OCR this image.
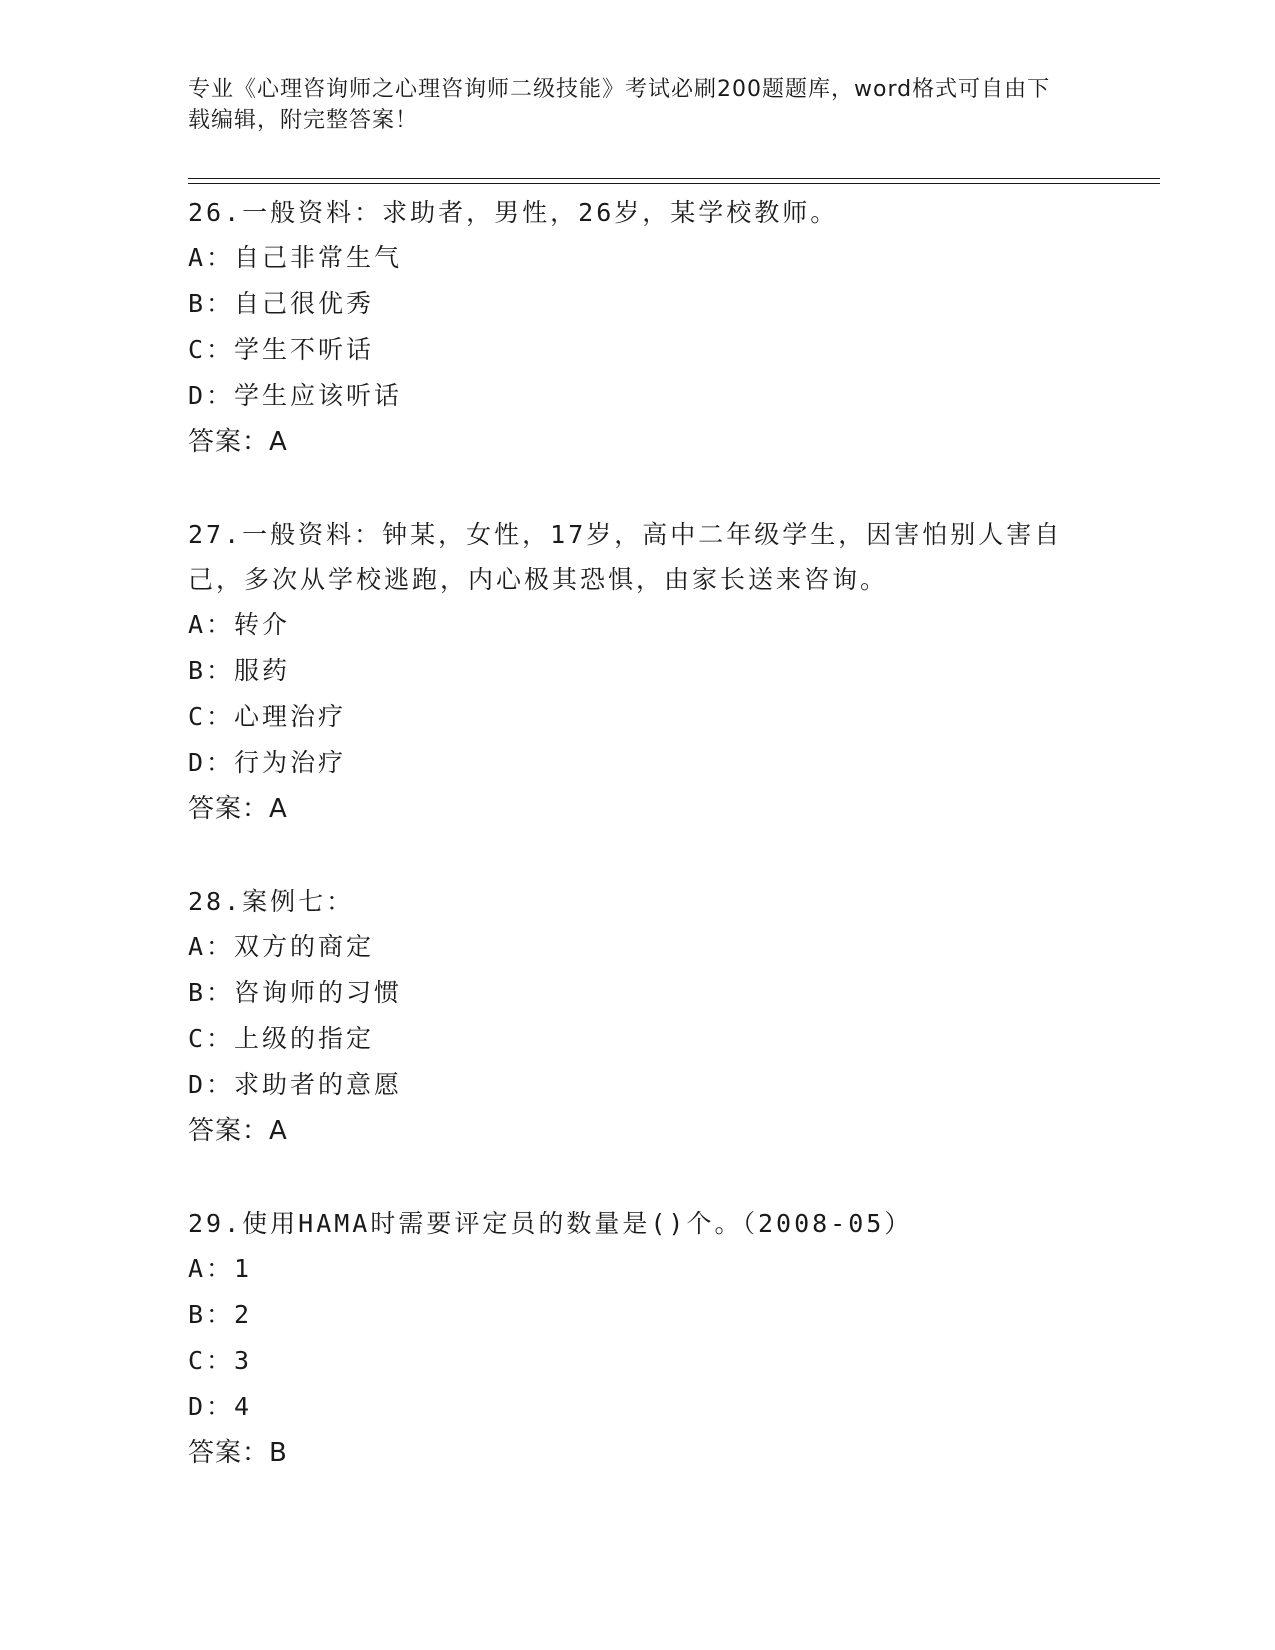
专业《心理咨询师之心理咨询师二级技能》考试必刷200题题库，word格式可自由下载编辑，附完整答案！
26.一般资料：求助者，男性，26岁，某学校教师。
A：自己非常生气
B：自己很优秀
C：学生不听话
D：学生应该听话
答案：A
27.一般资料：钟某，女性，17岁，高中二年级学生，因害怕别人害自己，多次从学校逃跑，内心极其恐惧，由家长送来咨询。
A：转介
B：服药
C：心理治疗
D：行为治疗
答案：A
28.案例七：
A：双方的商定
B：咨询师的习惯
C：上级的指定
D：求助者的意愿
答案：A
29.使用HAMA时需要评定员的数量是()个。（2008-05）
A：1
B：2
C：3
D：4
答案：B
